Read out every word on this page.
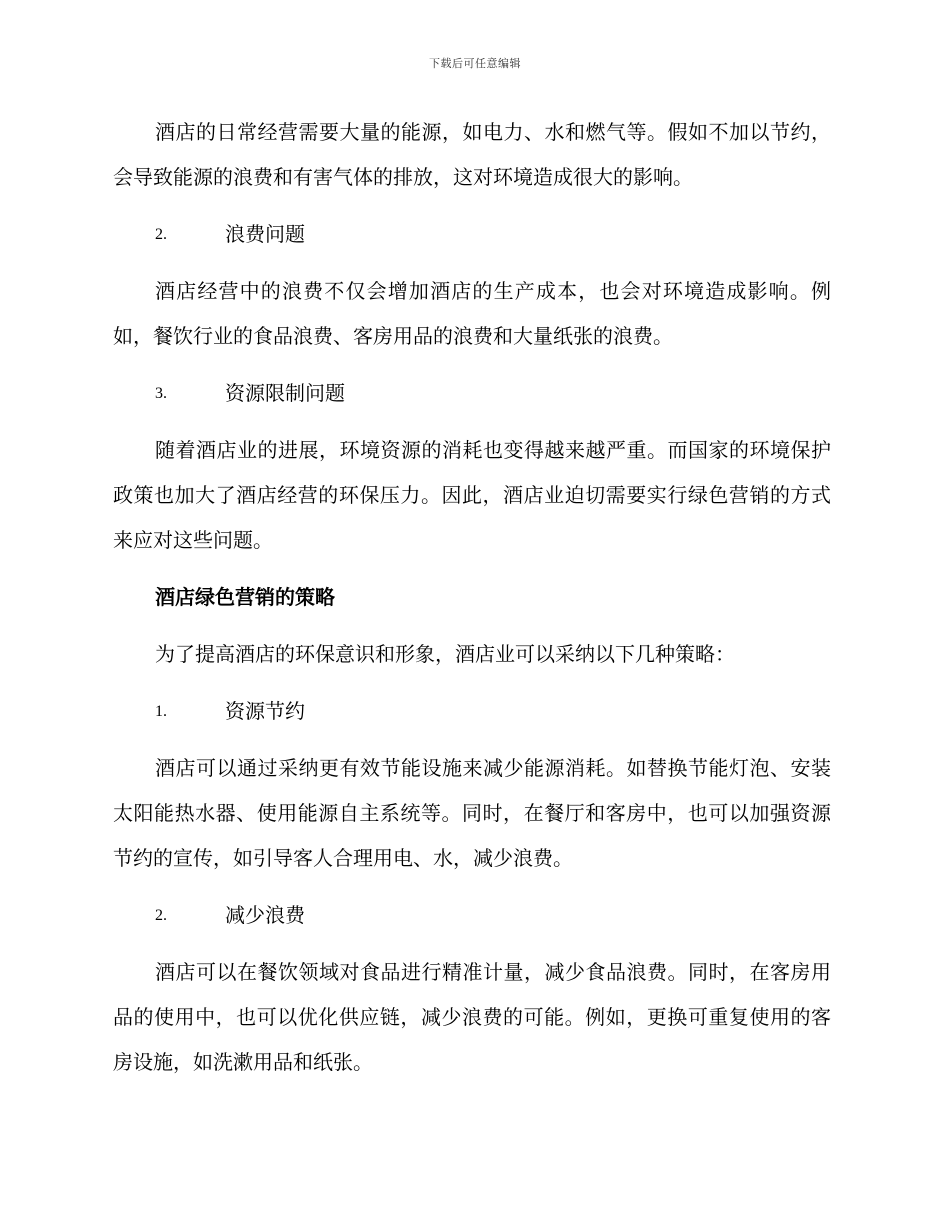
下载后可任意编辑

酒店的日常经营需要大量的能源，如电力、水和燃气等。假如不加以节约，会导致能源的浪费和有害气体的排放，这对环境造成很大的影响。

2.	浪费问题

酒店经营中的浪费不仅会增加酒店的生产成本，也会对环境造成影响。例如，餐饮行业的食品浪费、客房用品的浪费和大量纸张的浪费。

3.	资源限制问题

随着酒店业的进展，环境资源的消耗也变得越来越严重。而国家的环境保护政策也加大了酒店经营的环保压力。因此，酒店业迫切需要实行绿色营销的方式来应对这些问题。

酒店绿色营销的策略

为了提高酒店的环保意识和形象，酒店业可以采纳以下几种策略：

1.	资源节约

酒店可以通过采纳更有效节能设施来减少能源消耗。如替换节能灯泡、安装太阳能热水器、使用能源自主系统等。同时，在餐厅和客房中，也可以加强资源节约的宣传，如引导客人合理用电、水，减少浪费。

2.	减少浪费

酒店可以在餐饮领域对食品进行精准计量，减少食品浪费。同时，在客房用品的使用中，也可以优化供应链，减少浪费的可能。例如，更换可重复使用的客房设施，如洗漱用品和纸张。
